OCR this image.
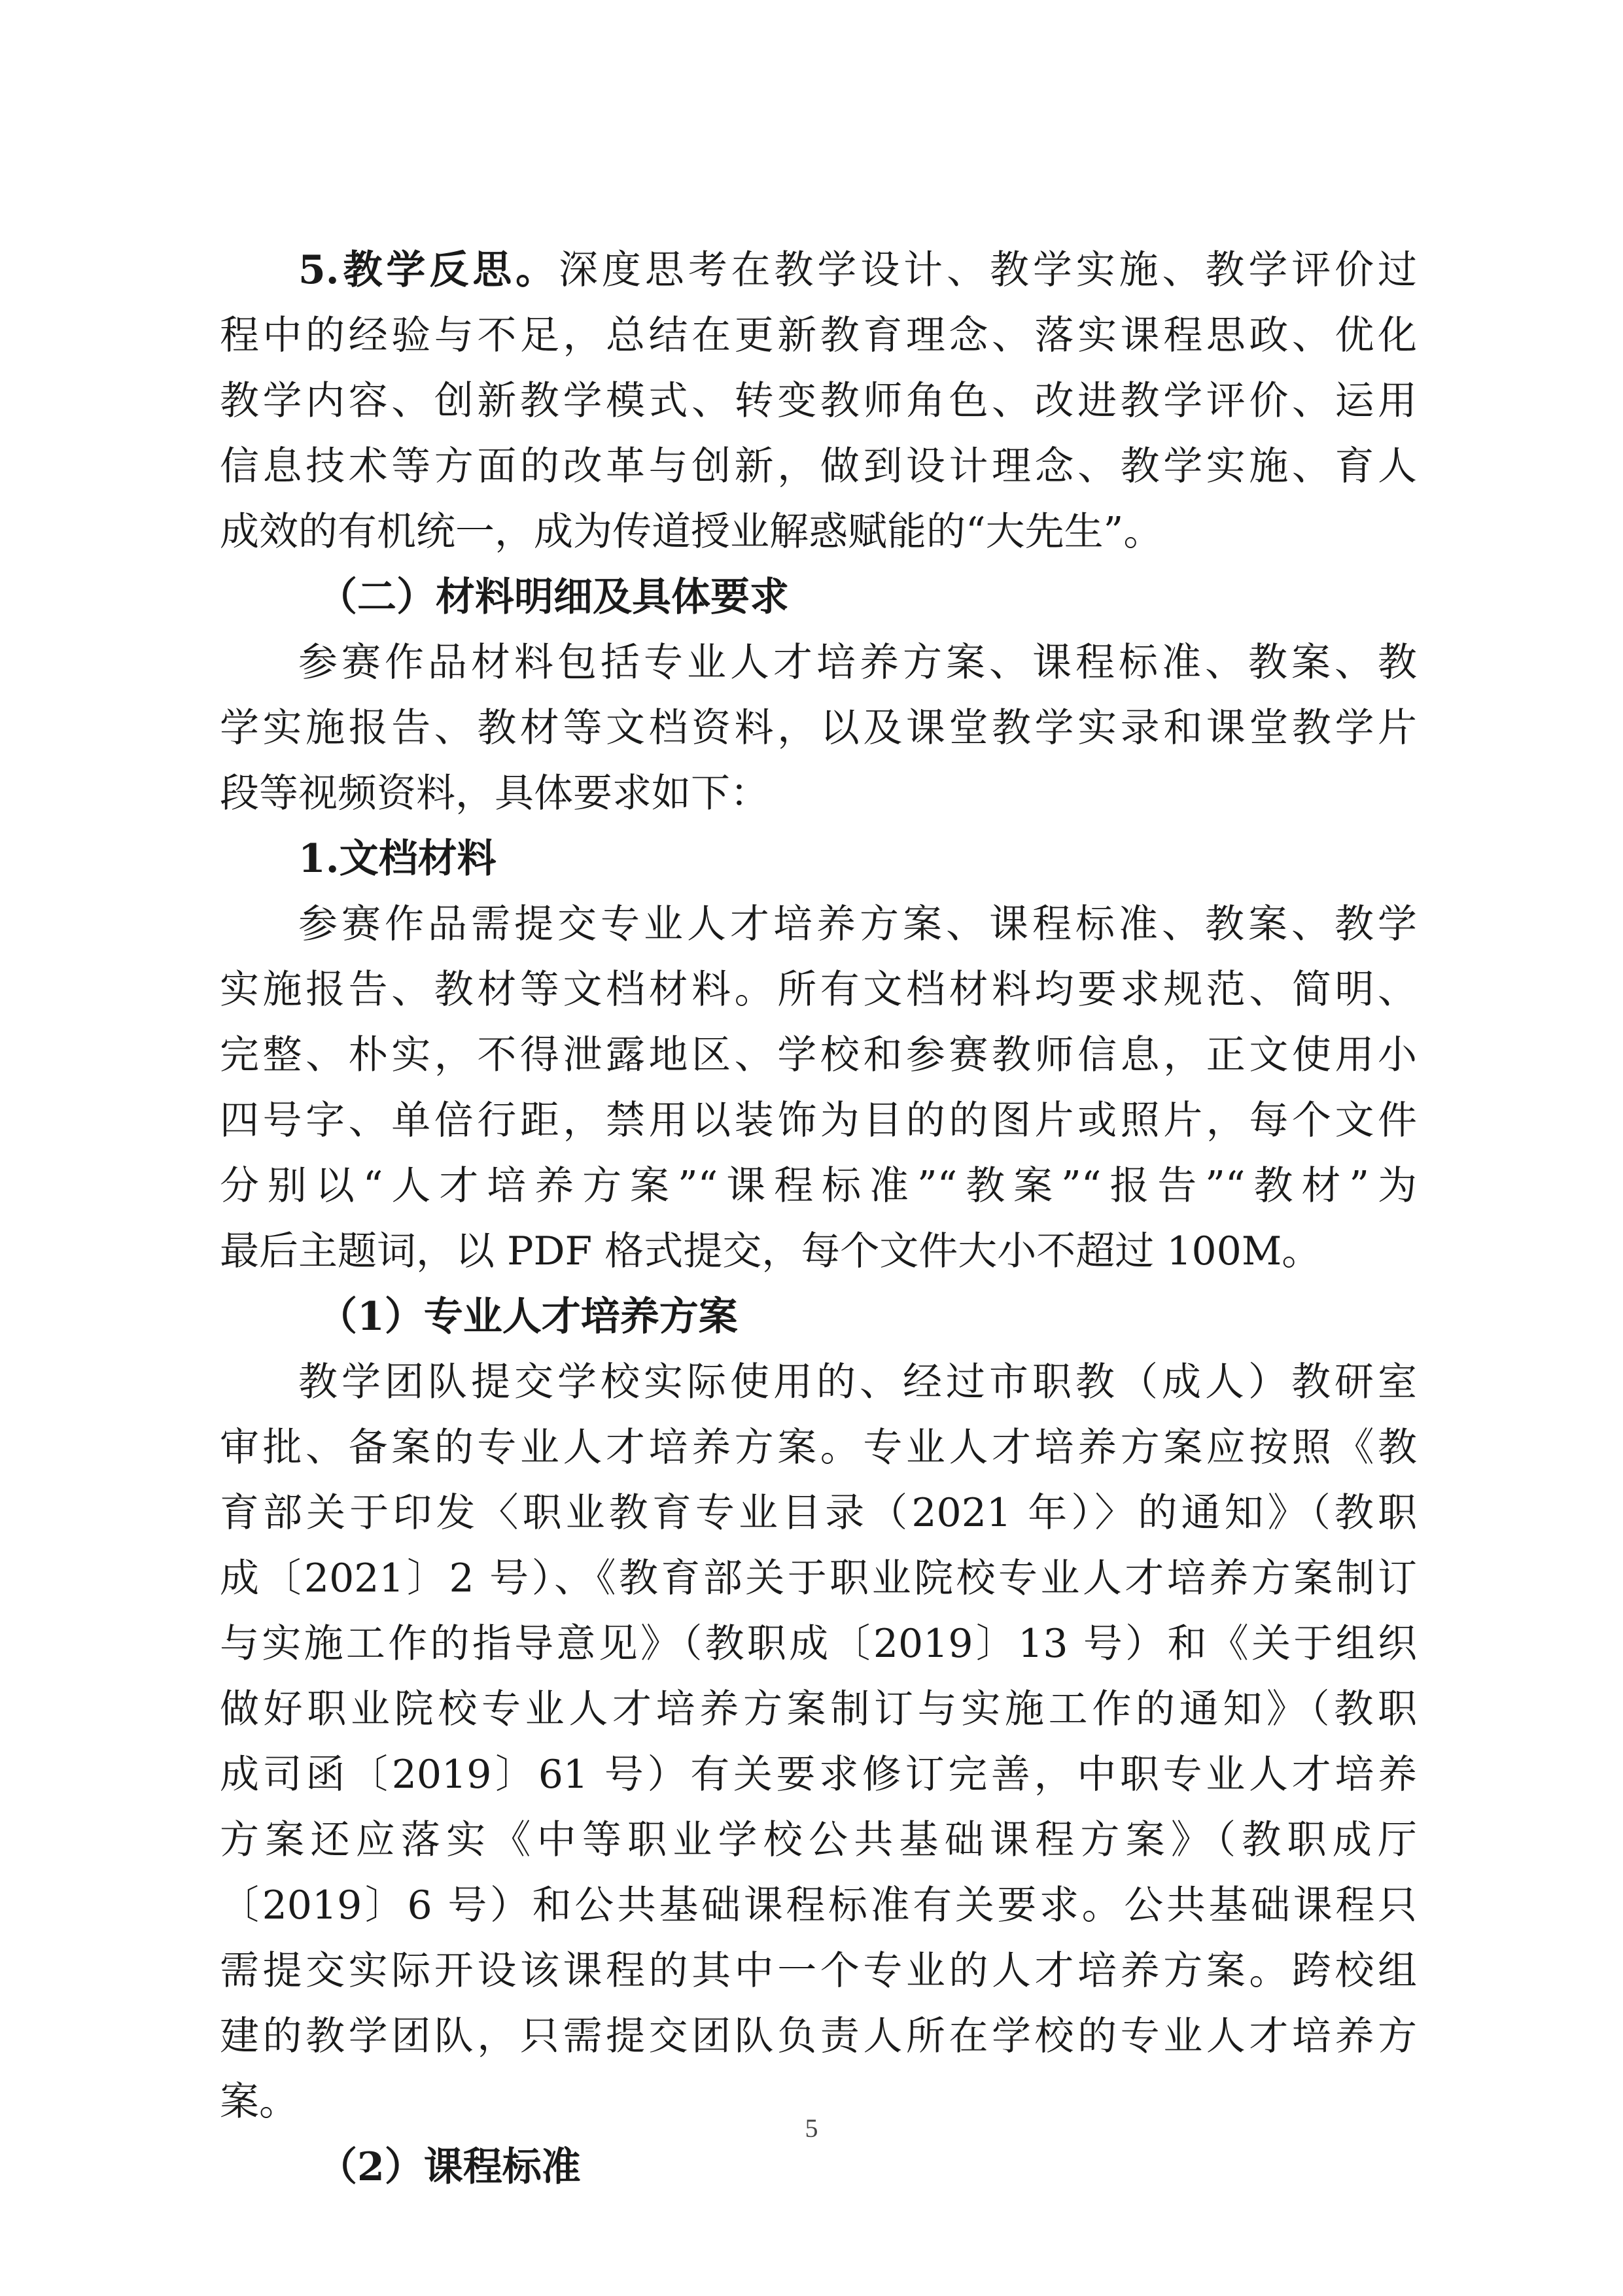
5.教学反思。深度思考在教学设计、教学实施、教学评价过
程中的经验与不足，总结在更新教育理念、落实课程思政、优化
教学内容、创新教学模式、转变教师角色、改进教学评价、运用
信息技术等方面的改革与创新，做到设计理念、教学实施、育人
成效的有机统一，成为传道授业解惑赋能的“大先生”。
（二）材料明细及具体要求
参赛作品材料包括专业人才培养方案、课程标准、教案、教
学实施报告、教材等文档资料，以及课堂教学实录和课堂教学片
段等视频资料，具体要求如下：
1.文档材料
参赛作品需提交专业人才培养方案、课程标准、教案、教学
实施报告、教材等文档材料。所有文档材料均要求规范、简明、
完整、朴实，不得泄露地区、学校和参赛教师信息，正文使用小
四号字、单倍行距，禁用以装饰为目的的图片或照片，每个文件
分别以“人才培养方案”“课程标准”“教案”“报告”“教材”为
最后主题词，以 PDF 格式提交，每个文件大小不超过 100M。
（1）专业人才培养方案
教学团队提交学校实际使用的、经过市职教（成人）教研室
审批、备案的专业人才培养方案。专业人才培养方案应按照《教
育部关于印发〈职业教育专业目录（2021 年）〉的通知》（教职
成〔2021〕2 号）、《教育部关于职业院校专业人才培养方案制订
与实施工作的指导意见》（教职成〔2019〕13 号）和《关于组织
做好职业院校专业人才培养方案制订与实施工作的通知》（教职
成司函〔2019〕61 号）有关要求修订完善，中职专业人才培养
方案还应落实《中等职业学校公共基础课程方案》（教职成厅
〔2019〕6 号）和公共基础课程标准有关要求。公共基础课程只
需提交实际开设该课程的其中一个专业的人才培养方案。跨校组
建的教学团队，只需提交团队负责人所在学校的专业人才培养方
案。
（2）课程标准
5
